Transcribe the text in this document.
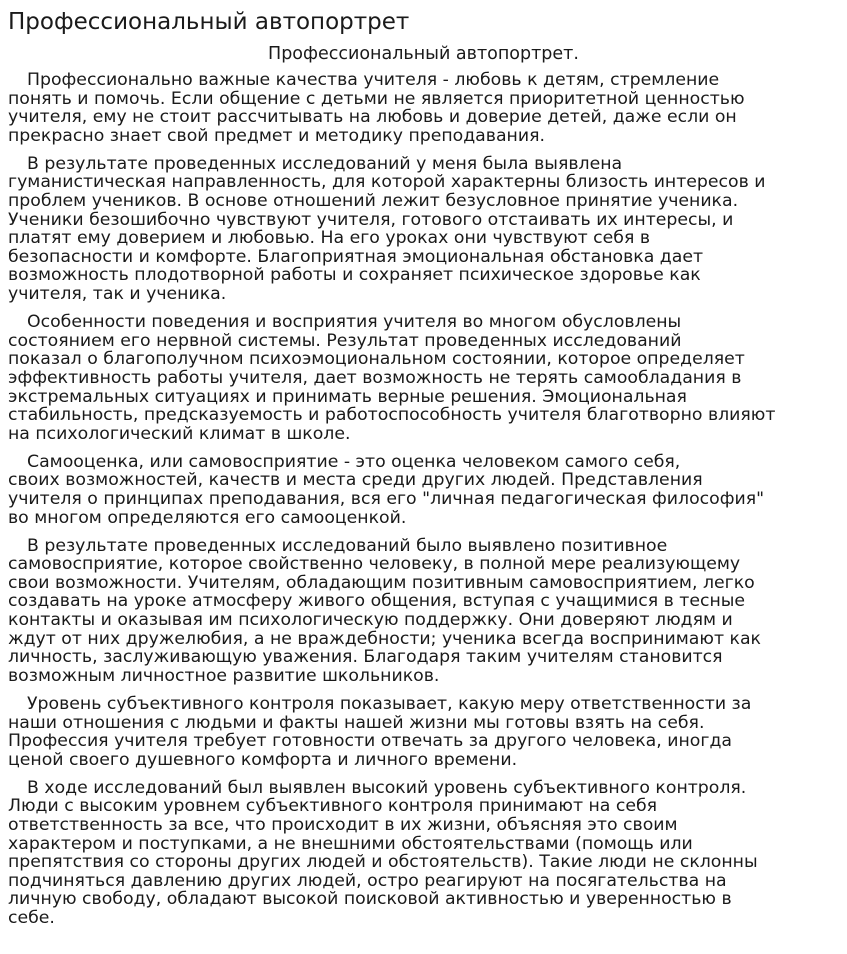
Профессиональный автопортрет
Профессиональный автопортрет.

Профессионально важные качества учителя - любовь к детям, стремление
понять и помочь. Если общение с детьми не является приоритетной ценностью
учителя, ему не стоит рассчитывать на любовь и доверие детей, даже если он
прекрасно знает свой предмет и методику преподавания.

В результате проведенных исследований у меня была выявлена
гуманистическая направленность, для которой характерны близость интересов и
проблем учеников. В основе отношений лежит безусловное принятие ученика.
Ученики безошибочно чувствуют учителя, готового отстаивать их интересы, и
платят ему доверием и любовью. На его уроках они чувствуют себя в
безопасности и комфорте. Благоприятная эмоциональная обстановка дает
возможность плодотворной работы и сохраняет психическое здоровье как
учителя, так и ученика.

Особенности поведения и восприятия учителя во многом обусловлены
состоянием его нервной системы. Результат проведенных исследований
показал о благополучном психоэмоциональном состоянии, которое определяет
эффективность работы учителя, дает возможность не терять самообладания в
экстремальных ситуациях и принимать верные решения. Эмоциональная
стабильность, предсказуемость и работоспособность учителя благотворно влияют
на психологический климат в школе.

Самооценка, или самовосприятие - это оценка человеком самого себя,
своих возможностей, качеств и места среди других людей. Представления
учителя о принципах преподавания, вся его "личная педагогическая философия"
во многом определяются его самооценкой.

В результате проведенных исследований было выявлено позитивное
самовосприятие, которое свойственно человеку, в полной мере реализующему
свои возможности. Учителям, обладающим позитивным самовосприятием, легко
создавать на уроке атмосферу живого общения, вступая с учащимися в тесные
контакты и оказывая им психологическую поддержку. Они доверяют людям и
ждут от них дружелюбия, а не враждебности; ученика всегда воспринимают как
личность, заслуживающую уважения. Благодаря таким учителям становится
возможным личностное развитие школьников.

Уровень субъективного контроля показывает, какую меру ответственности за
наши отношения с людьми и факты нашей жизни мы готовы взять на себя.
Профессия учителя требует готовности отвечать за другого человека, иногда
ценой своего душевного комфорта и личного времени.

В ходе исследований был выявлен высокий уровень субъективного контроля.
Люди с высоким уровнем субъективного контроля принимают на себя
ответственность за все, что происходит в их жизни, объясняя это своим
характером и поступками, а не внешними обстоятельствами (помощь или
препятствия со стороны других людей и обстоятельств). Такие люди не склонны
подчиняться давлению других людей, остро реагируют на посягательства на
личную свободу, обладают высокой поисковой активностью и уверенностью в
себе.
